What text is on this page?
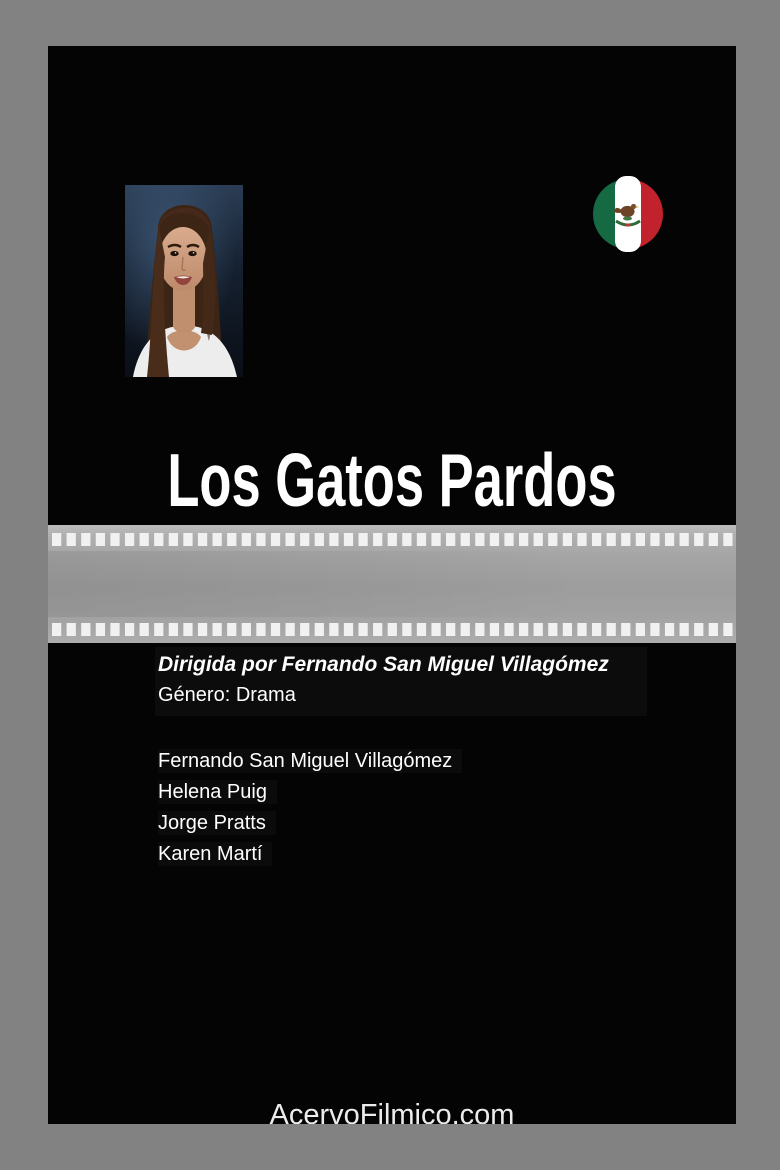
Los Gatos Pardos
Dirigida por Fernando San Miguel Villagómez
Género: Drama
Fernando San Miguel Villagómez
Helena Puig
Jorge Pratts
Karen Martí
AcervoFilmico.com
